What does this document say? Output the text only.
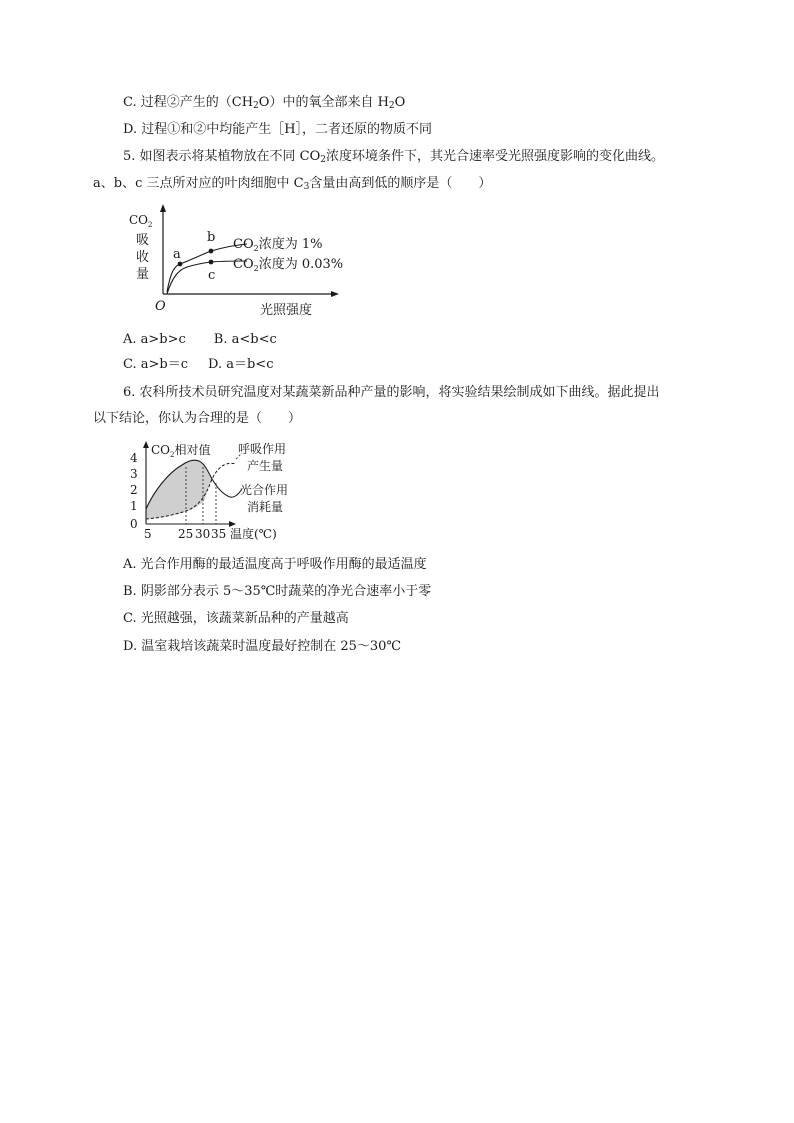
C. 过程②产生的$(CH_2O)$中的氧全部来自 $H_2O$
D. 过程①和②中均能产生［H］，二者还原的物质不同
5. 如图表示将某植物放在不同 $CO_2$浓度环境条件下，其光合速率受光照强度影响的变化曲线。
a、b、c 三点所对应的叶肉细胞中 $C_3$含量由高到低的顺序是（　　）
$CO_2$
吸
收
量
O	光照强度
a
b
c
$CO_2$浓度为 1%
$CO_2$浓度为 0.03%
A. a>b>c B. a<b<c
C. a>b＝c D. a＝b<c
6. 农科所技术员研究温度对某蔬菜新品种产量的影响，将实验结果绘制成如下曲线。据此提出
以下结论，你认为合理的是（　　）
$CO_2$相对值
4
3
2
1
0
5 25 30 35 温度(℃)
呼吸作用
产生量
光合作用
消耗量
A. 光合作用酶的最适温度高于呼吸作用酶的最适温度
B. 阴影部分表示 5～35℃时蔬菜的净光合速率小于零
C. 光照越强，该蔬菜新品种的产量越高
D. 温室栽培该蔬菜时温度最好控制在 25～30℃
